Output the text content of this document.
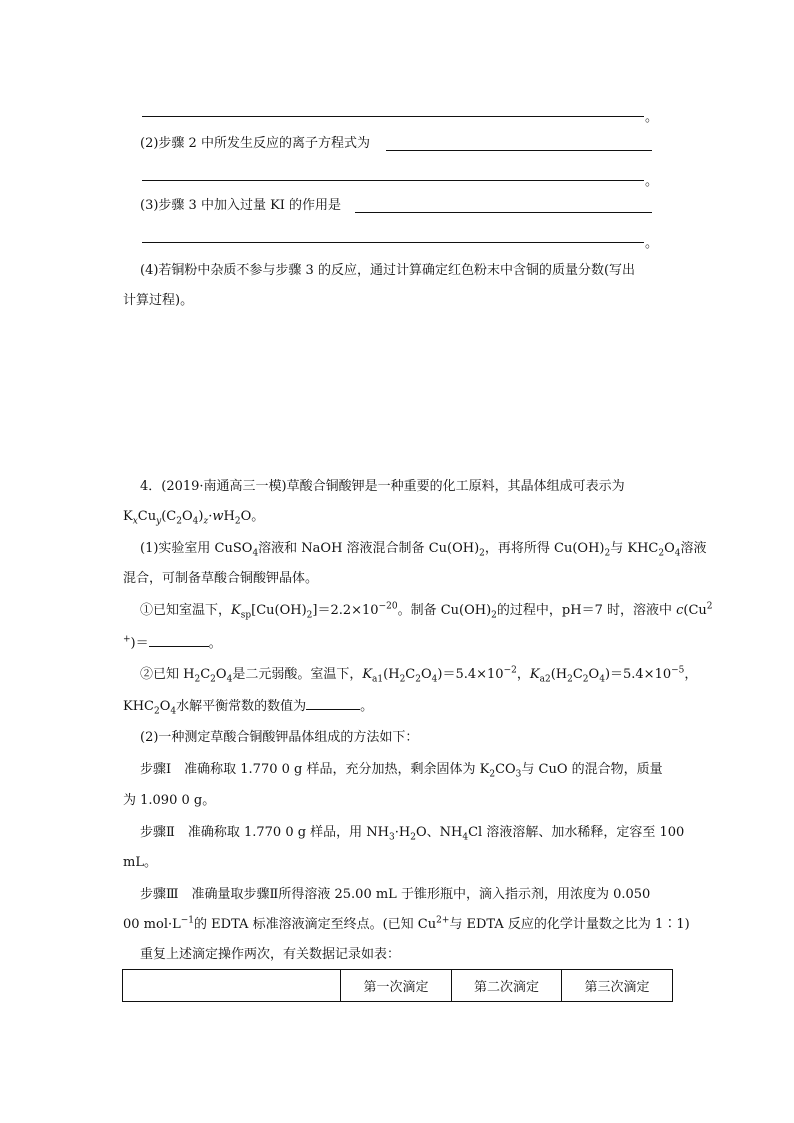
。
(2)步骤 2 中所发生反应的离子方程式为
。
(3)步骤 3 中加入过量 KI 的作用是
。
(4)若铜粉中杂质不参与步骤 3 的反应，通过计算确定红色粉末中含铜的质量分数(写出
计算过程)。
4．(2019·南通高三一模)草酸合铜酸钾是一种重要的化工原料，其晶体组成可表示为
$K_xCu_y(C_2O_4)_z\cdot wH_2O$。
(1)实验室用 CuSO$_4$溶液和 NaOH 溶液混合制备 $Cu(OH)_2$，再将所得 $Cu(OH)_2$与 $KHC_2O_4$溶液
混合，可制备草酸合铜酸钾晶体。
①已知室温下，$K_{sp}[Cu(OH)_2]=2.2\times 10^{-20}$。制备 $Cu(OH)_2$的过程中，pH＝7 时，溶液中 c(Cu$^2$
+)＝	。
②已知 $H_2C_2O_4$是二元弱酸。室温下，$K_{a1}(H_2C_2O_4)=5.4\times 10^{-2}$，$K_{a2}(H_2C_2O_4)=5.4\times 10^{-5}$，
$KHC_2O_4$水解平衡常数的数值为	。
(2)一种测定草酸合铜酸钾晶体组成的方法如下：
步骤Ⅰ　准确称取 1.770 0 g 样品，充分加热，剩余固体为 $K_2CO_3$与 CuO 的混合物，质量
为 1.090 0 g。
步骤Ⅱ　准确称取 1.770 0 g 样品，用 $NH_3\cdot H_2O$、$NH_4Cl$ 溶液溶解、加水稀释，定容至 100
mL。
步骤Ⅲ　准确量取步骤Ⅱ所得溶液 25.00 mL 于锥形瓶中，滴入指示剂，用浓度为 0.050
00 $mol\cdot L^{-1}$的 EDTA 标准溶液滴定至终点。(已知 $Cu^{2+}$与 EDTA 反应的化学计量数之比为 1∶1)
重复上述滴定操作两次，有关数据记录如表：
	第一次滴定	第二次滴定	第三次滴定
